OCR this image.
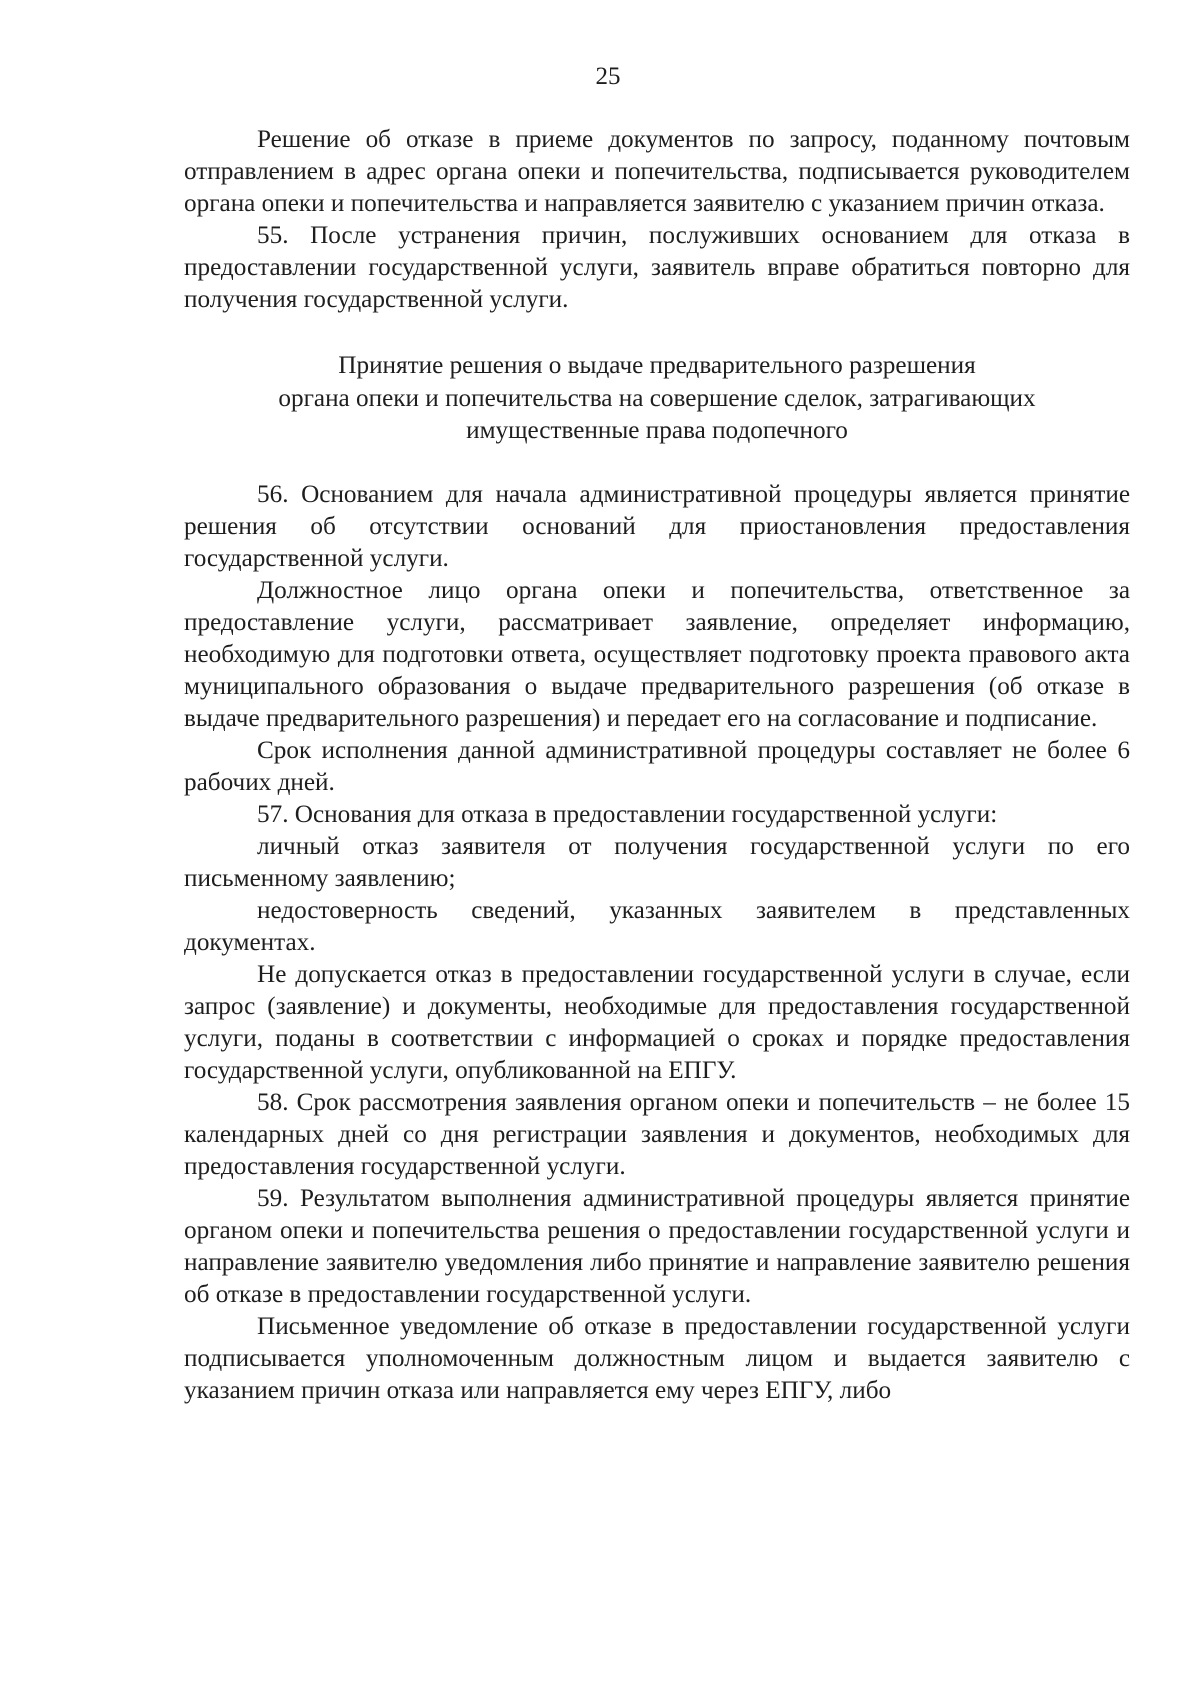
25

Решение об отказе в приеме документов по запросу, поданному почтовым отправлением в адрес органа опеки и попечительства, подписывается руководителем органа опеки и попечительства и направляется заявителю с указанием причин отказа.

55. После устранения причин, послуживших основанием для отказа в предоставлении государственной услуги, заявитель вправе обратиться повторно для получения государственной услуги.

Принятие решения о выдаче предварительного разрешения

органа опеки и попечительства на совершение сделок, затрагивающих

имущественные права подопечного

56. Основанием для начала административной процедуры является принятие решения об отсутствии оснований для приостановления предоставления государственной услуги.

Должностное лицо органа опеки и попечительства, ответственное за предоставление услуги, рассматривает заявление, определяет информацию, необходимую для подготовки ответа, осуществляет подготовку проекта правового акта муниципального образования о выдаче предварительного разрешения (об отказе в выдаче предварительного разрешения) и передает его на согласование и подписание.

Срок исполнения данной административной процедуры составляет не более 6 рабочих дней.

57. Основания для отказа в предоставлении государственной услуги:

личный отказ заявителя от получения государственной услуги по его письменному заявлению;

недостоверность сведений, указанных заявителем в представленных документах.

Не допускается отказ в предоставлении государственной услуги в случае, если запрос (заявление) и документы, необходимые для предоставления государственной услуги, поданы в соответствии с информацией о сроках и порядке предоставления государственной услуги, опубликованной на ЕПГУ.

58. Срок рассмотрения заявления органом опеки и попечительств – не более 15 календарных дней со дня регистрации заявления и документов, необходимых для предоставления государственной услуги.

59. Результатом выполнения административной процедуры является принятие органом опеки и попечительства решения о предоставлении государственной услуги и направление заявителю уведомления либо принятие и направление заявителю решения об отказе в предоставлении государственной услуги.

Письменное уведомление об отказе в предоставлении государственной услуги подписывается уполномоченным должностным лицом и выдается заявителю с указанием причин отказа или направляется ему через ЕПГУ, либо
